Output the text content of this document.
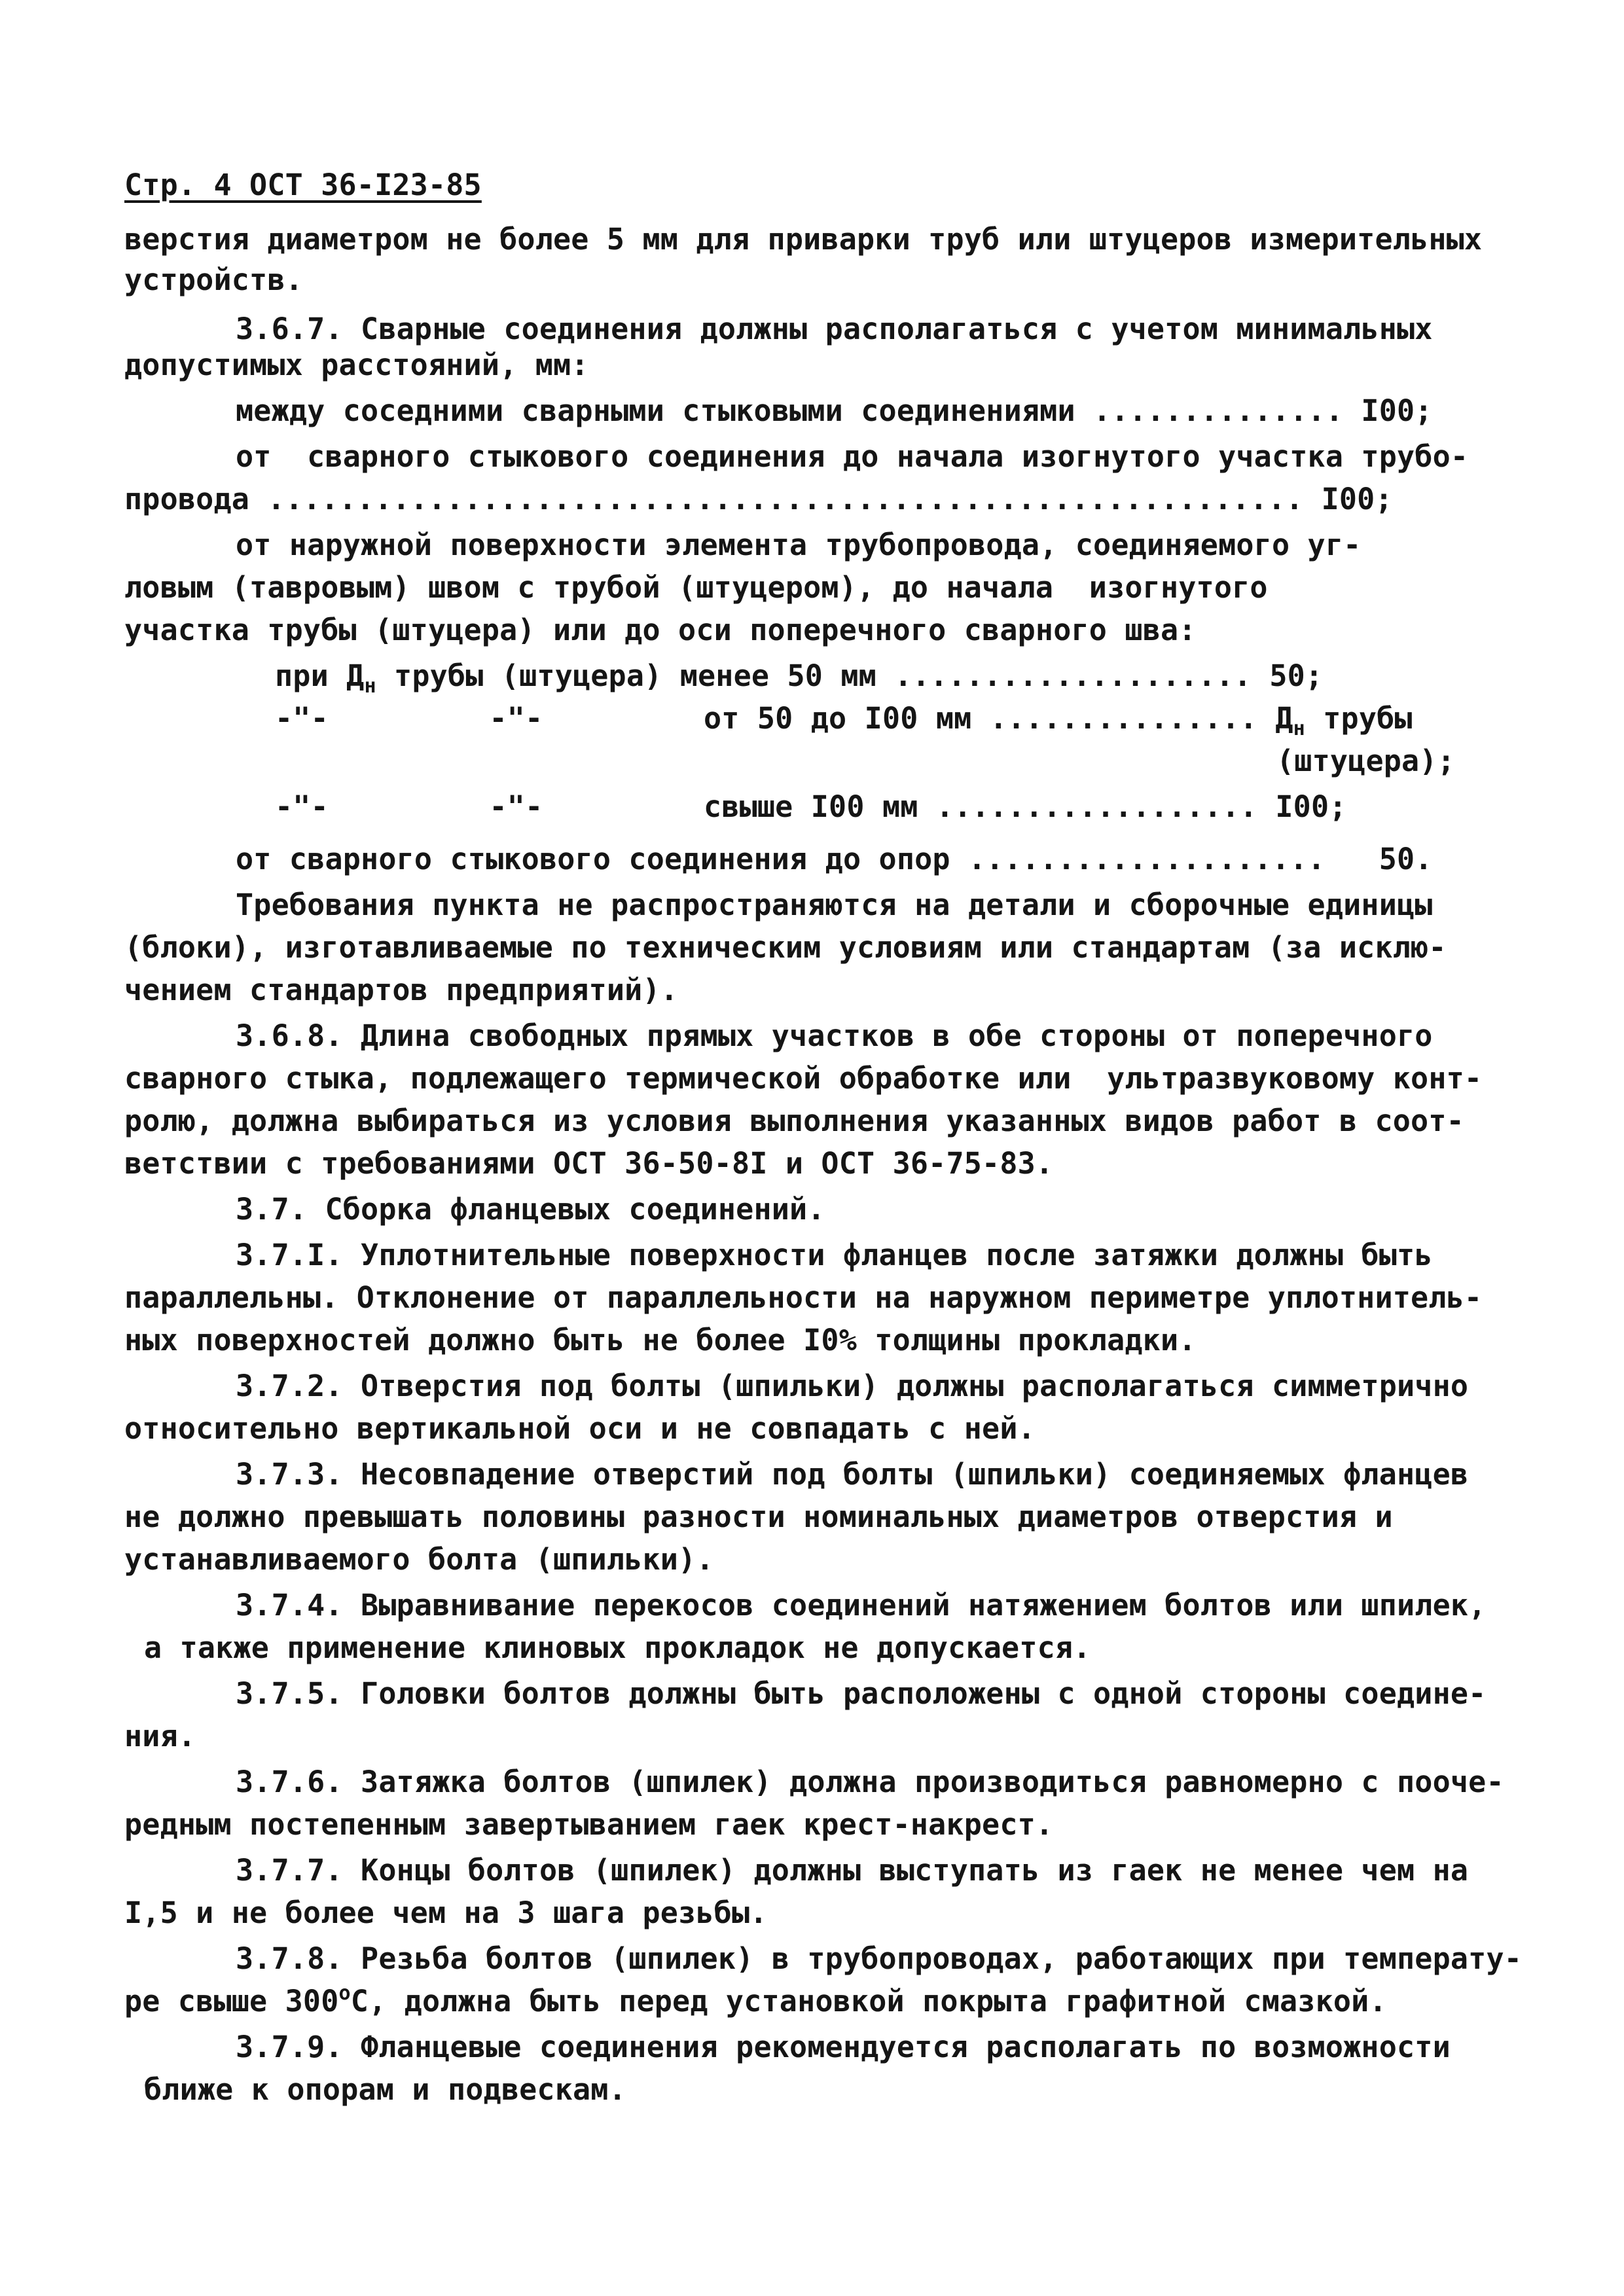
Стр. 4 ОСТ 36-I23-85
верстия диаметром не более 5 мм для приварки труб или штуцеров измерительных
устройств.
3.6.7. Сварные соединения должны располагаться с учетом минимальных
допустимых расстояний, мм:
между соседними сварными стыковыми соединениями .............. I00;
от  сварного стыкового соединения до начала изогнутого участка трубо-
провода .......................................................... I00;
от наружной поверхности элемента трубопровода, соединяемого уг-
ловым (тавровым) швом с трубой (штуцером), до начала  изогнутого
участка трубы (штуцера) или до оси поперечного сварного шва:
при $Д_н$ трубы (штуцера) менее 50 мм .................... 50;
-"-         -"-         от 50 до I00 мм ............... $Д_н$ трубы
(штуцера);
-"-         -"-         свыше I00 мм .................. I00;
от сварного стыкового соединения до опор ....................   50.
Требования пункта не распространяются на детали и сборочные единицы
(блоки), изготавливаемые по техническим условиям или стандартам (за исклю-
чением стандартов предприятий).
3.6.8. Длина свободных прямых участков в обе стороны от поперечного
сварного стыка, подлежащего термической обработке или  ультразвуковому конт-
ролю, должна выбираться из условия выполнения указанных видов работ в соот-
ветствии с требованиями ОСТ 36-50-8I и ОСТ 36-75-83.
3.7. Сборка фланцевых соединений.
3.7.I. Уплотнительные поверхности фланцев после затяжки должны быть
параллельны. Отклонение от параллельности на наружном периметре уплотнитель-
ных поверхностей должно быть не более I0% толщины прокладки.
3.7.2. Отверстия под болты (шпильки) должны располагаться симметрично
относительно вертикальной оси и не совпадать с ней.
3.7.3. Несовпадение отверстий под болты (шпильки) соединяемых фланцев
не должно превышать половины разности номинальных диаметров отверстия и
устанавливаемого болта (шпильки).
3.7.4. Выравнивание перекосов соединений натяжением болтов или шпилек,
а также применение клиновых прокладок не допускается.
3.7.5. Головки болтов должны быть расположены с одной стороны соедине-
ния.
3.7.6. Затяжка болтов (шпилек) должна производиться равномерно с поoче-
редным постепенным завертыванием гаек крест-накрест.
3.7.7. Концы болтов (шпилек) должны выступать из гаек не менее чем на
I,5 и не более чем на 3 шага резьбы.
3.7.8. Резьба болтов (шпилек) в трубопроводах, работающих при температу-
ре свыше $300^оС$, должна быть перед установкой покрыта графитной смазкой.
3.7.9. Фланцевые соединения рекомендуется располагать по возможности
ближе к опорам и подвескам.
